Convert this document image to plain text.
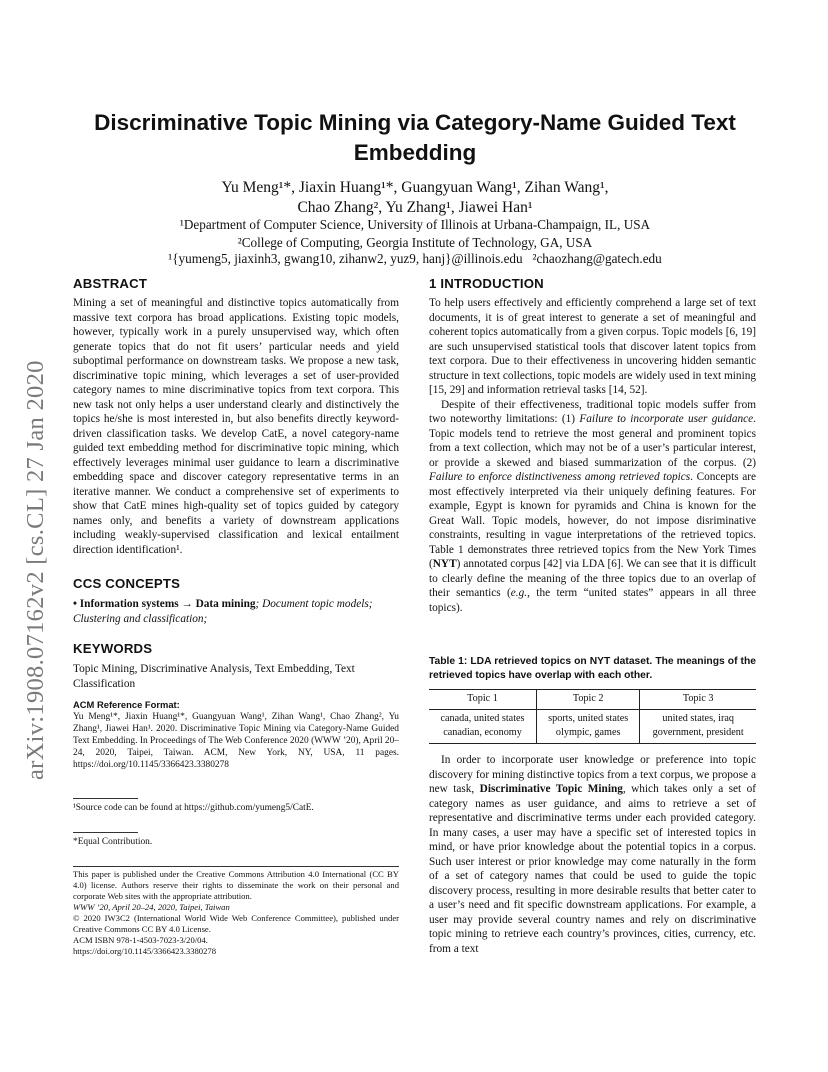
arXiv:1908.07162v2 [cs.CL] 27 Jan 2020
Discriminative Topic Mining via Category-Name Guided Text Embedding
Yu Meng¹*, Jiaxin Huang¹*, Guangyuan Wang¹, Zihan Wang¹,
Chao Zhang², Yu Zhang¹, Jiawei Han¹
¹Department of Computer Science, University of Illinois at Urbana-Champaign, IL, USA
²College of Computing, Georgia Institute of Technology, GA, USA
¹{yumeng5, jiaxinh3, gwang10, zihanw2, yuz9, hanj}@illinois.edu   ²chaozhang@gatech.edu
ABSTRACT

Mining a set of meaningful and distinctive topics automatically from massive text corpora has broad applications. Existing topic models, however, typically work in a purely unsupervised way, which often generate topics that do not fit users’ particular needs and yield suboptimal performance on downstream tasks. We propose a new task, discriminative topic mining, which leverages a set of user-provided category names to mine discriminative topics from text corpora. This new task not only helps a user understand clearly and distinctively the topics he/she is most interested in, but also benefits directly keyword-driven classification tasks. We develop CatE, a novel category-name guided text embedding method for discriminative topic mining, which effectively leverages minimal user guidance to learn a discriminative embedding space and discover category representative terms in an iterative manner. We conduct a comprehensive set of experiments to show that CatE mines high-quality set of topics guided by category names only, and benefits a variety of downstream applications including weakly-supervised classification and lexical entailment direction identification¹.

CCS CONCEPTS

• Information systems → Data mining; Document topic models; Clustering and classification;

KEYWORDS

Topic Mining, Discriminative Analysis, Text Embedding, Text Classification

ACM Reference Format:

Yu Meng¹*, Jiaxin Huang¹*, Guangyuan Wang¹, Zihan Wang¹, Chao Zhang², Yu Zhang¹, Jiawei Han¹. 2020. Discriminative Topic Mining via Category-Name Guided Text Embedding. In Proceedings of The Web Conference 2020 (WWW ’20), April 20–24, 2020, Taipei, Taiwan. ACM, New York, NY, USA, 11 pages. https://doi.org/10.1145/3366423.3380278

¹Source code can be found at https://github.com/yumeng5/CatE.
*Equal Contribution.

This paper is published under the Creative Commons Attribution 4.0 International (CC BY 4.0) license. Authors reserve their rights to disseminate the work on their personal and corporate Web sites with the appropriate attribution.

WWW ’20, April 20–24, 2020, Taipei, Taiwan

© 2020 IW3C2 (International World Wide Web Conference Committee), published under Creative Commons CC BY 4.0 License.

ACM ISBN 978-1-4503-7023-3/20/04.

https://doi.org/10.1145/3366423.3380278

1 INTRODUCTION

To help users effectively and efficiently comprehend a large set of text documents, it is of great interest to generate a set of meaningful and coherent topics automatically from a given corpus. Topic models [6, 19] are such unsupervised statistical tools that discover latent topics from text corpora. Due to their effectiveness in uncovering hidden semantic structure in text collections, topic models are widely used in text mining [15, 29] and information retrieval tasks [14, 52].

Despite of their effectiveness, traditional topic models suffer from two noteworthy limitations: (1) Failure to incorporate user guidance. Topic models tend to retrieve the most general and prominent topics from a text collection, which may not be of a user’s particular interest, or provide a skewed and biased summarization of the corpus. (2) Failure to enforce distinctiveness among retrieved topics. Concepts are most effectively interpreted via their uniquely defining features. For example, Egypt is known for pyramids and China is known for the Great Wall. Topic models, however, do not impose disriminative constraints, resulting in vague interpretations of the retrieved topics. Table 1 demonstrates three retrieved topics from the New York Times (NYT) annotated corpus [42] via LDA [6]. We can see that it is difficult to clearly define the meaning of the three topics due to an overlap of their semantics (e.g., the term “united states” appears in all three topics).

Table 1: LDA retrieved topics on NYT dataset. The meanings of the retrieved topics have overlap with each other.
Topic 1	Topic 2	Topic 3
canada, united states	sports, united states	united states, iraq
canadian, economy	olympic, games	government, president

In order to incorporate user knowledge or preference into topic discovery for mining distinctive topics from a text corpus, we propose a new task, Discriminative Topic Mining, which takes only a set of category names as user guidance, and aims to retrieve a set of representative and discriminative terms under each provided category. In many cases, a user may have a specific set of interested topics in mind, or have prior knowledge about the potential topics in a corpus. Such user interest or prior knowledge may come naturally in the form of a set of category names that could be used to guide the topic discovery process, resulting in more desirable results that better cater to a user’s need and fit specific downstream applications. For example, a user may provide several country names and rely on discriminative topic mining to retrieve each country’s provinces, cities, currency, etc. from a text
